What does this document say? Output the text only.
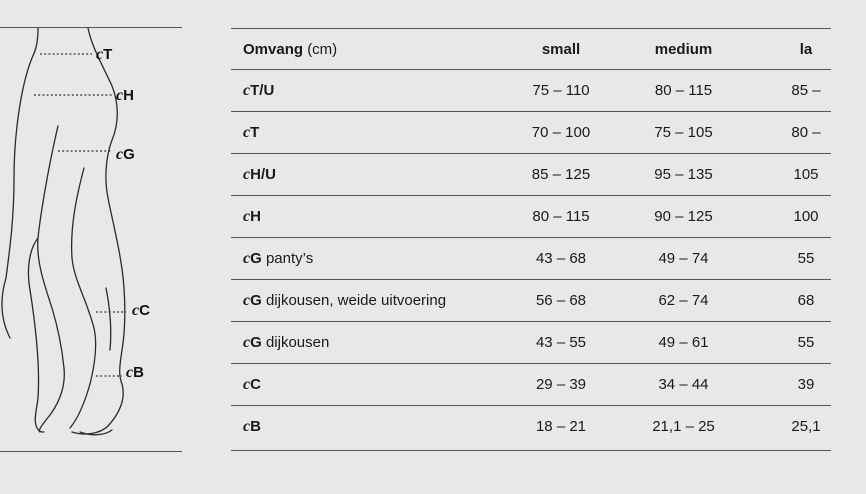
cT
cH
cG
cC
cB
Omvang (cm)	small	medium	la
cT/U	75 – 110	80 – 115	85 –
cT	70 – 100	75 – 105	80 –
cH/U	85 – 125	95 – 135	105
cH	80 – 115	90 – 125	100
cG panty’s	43 – 68	49 – 74	55
cG dijkousen, weide uitvoering	56 – 68	62 – 74	68
cG dijkousen	43 – 55	49 – 61	55
cC	29 – 39	34 – 44	39
cB	18 – 21	21,1 – 25	25,1
